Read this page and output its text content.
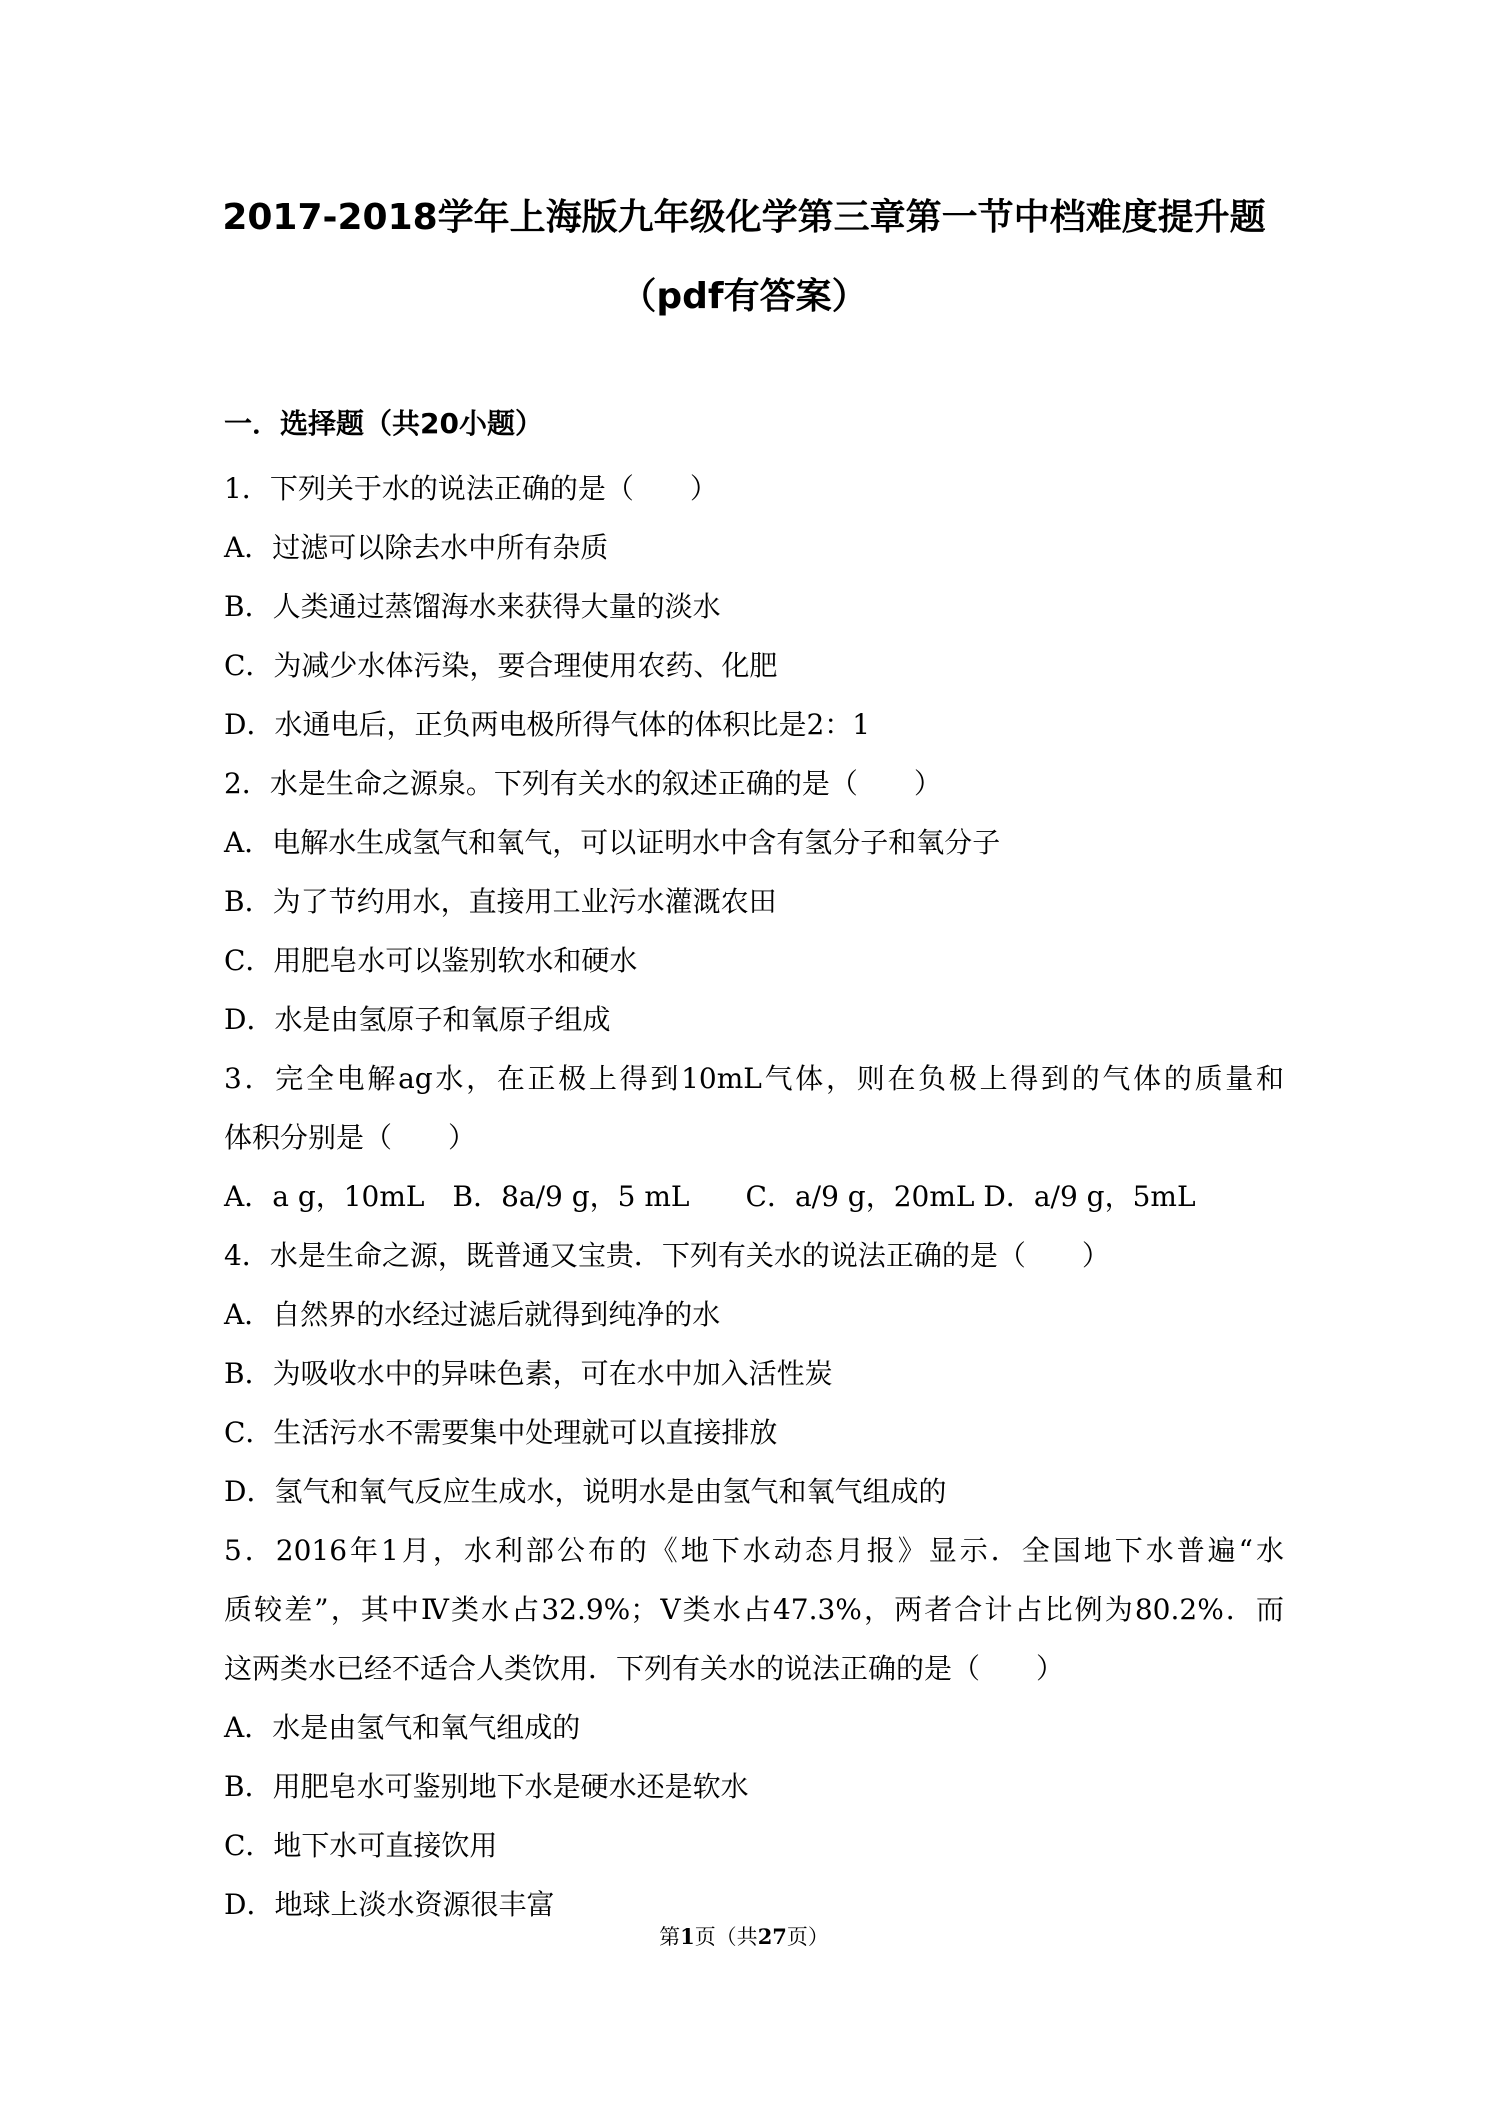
2017-2018学年上海版九年级化学第三章第一节中档难度提升题
（pdf有答案）
一．选择题（共20小题）
1．下列关于水的说法正确的是（　　）
A．过滤可以除去水中所有杂质
B．人类通过蒸馏海水来获得大量的淡水
C．为减少水体污染，要合理使用农药、化肥
D．水通电后，正负两电极所得气体的体积比是2：1
2．水是生命之源泉。下列有关水的叙述正确的是（　　）
A．电解水生成氢气和氧气，可以证明水中含有氢分子和氧分子
B．为了节约用水，直接用工业污水灌溉农田
C．用肥皂水可以鉴别软水和硬水
D．水是由氢原子和氧原子组成
3．完全电解ag水，在正极上得到10mL气体，则在负极上得到的气体的质量和
体积分别是（　　）
A．a g，10mL　B．8a/9 g，5 mL　　C．a/9 g，20mL D．a/9 g，5mL
4．水是生命之源，既普通又宝贵．下列有关水的说法正确的是（　　）
A．自然界的水经过滤后就得到纯净的水
B．为吸收水中的异味色素，可在水中加入活性炭
C．生活污水不需要集中处理就可以直接排放
D．氢气和氧气反应生成水，说明水是由氢气和氧气组成的
5．2016年1月，水利部公布的《地下水动态月报》显示．全国地下水普遍“水
质较差”，其中Ⅳ类水占32.9%；Ⅴ类水占47.3%，两者合计占比例为80.2%．而
这两类水已经不适合人类饮用．下列有关水的说法正确的是（　　）
A．水是由氢气和氧气组成的
B．用肥皂水可鉴别地下水是硬水还是软水
C．地下水可直接饮用
D．地球上淡水资源很丰富
第1页（共27页）
